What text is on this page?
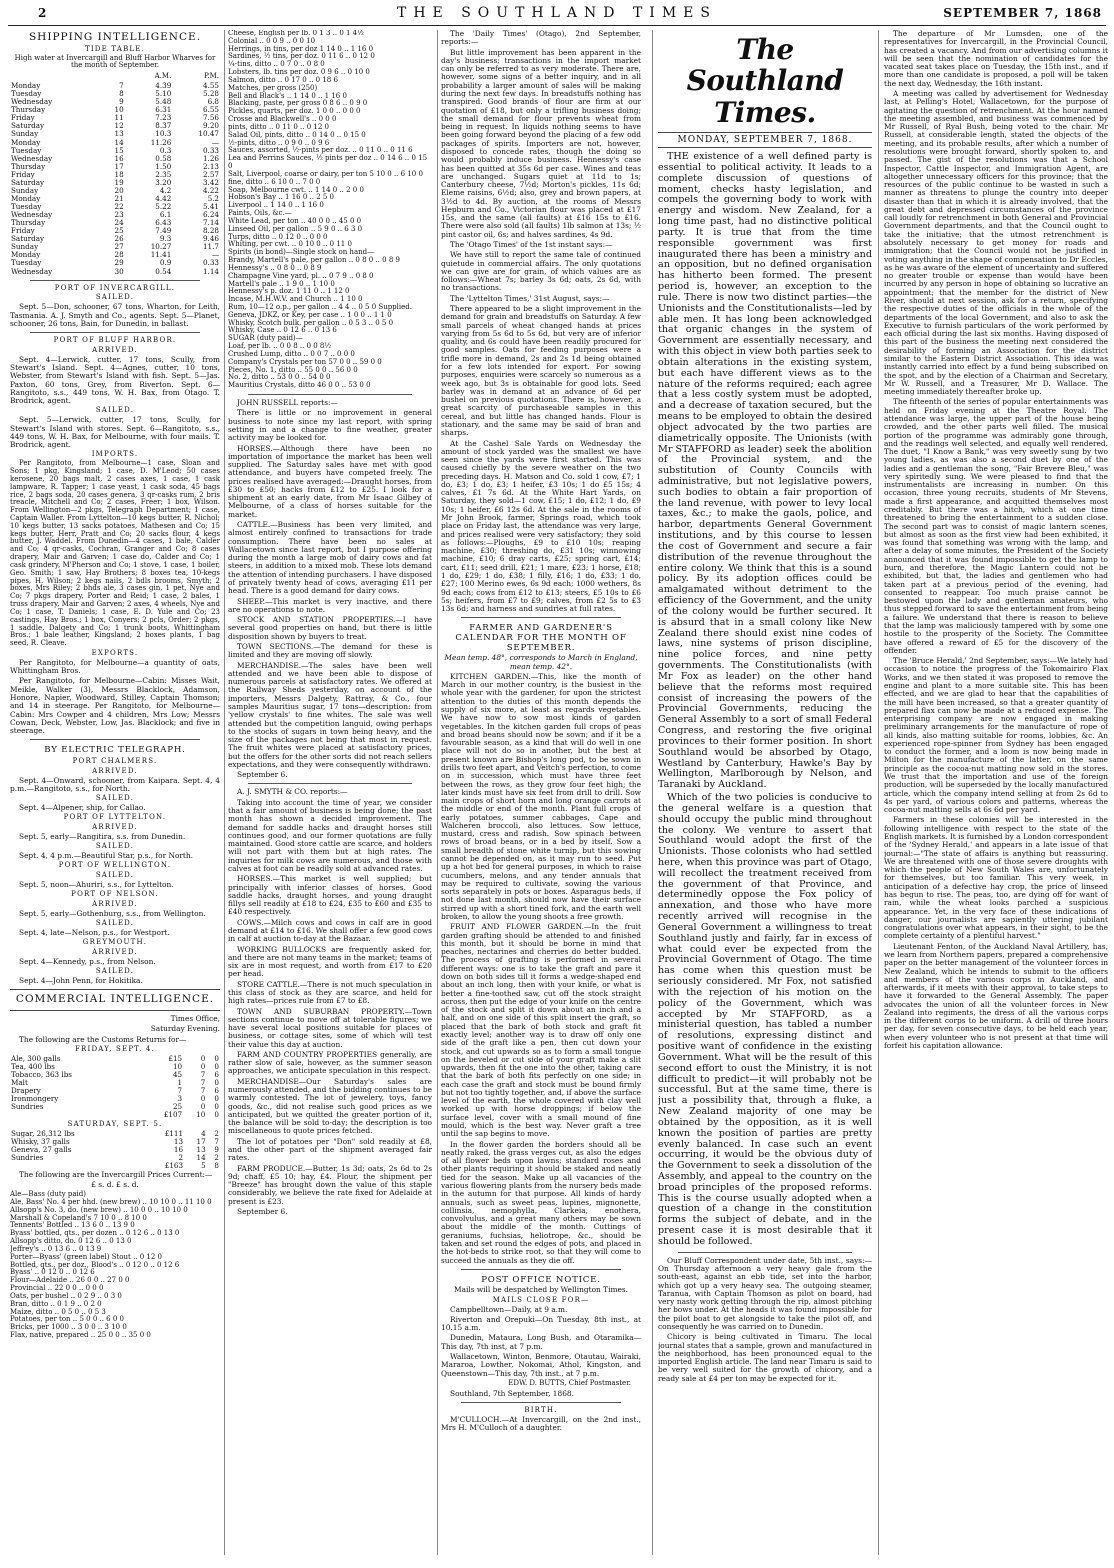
2	THE SOUTHLAND TIMES	SEPTEMBER 7, 1868
SHIPPING INTELLIGENCE.
TIDE TABLE.

High water at Invercargill and Bluff Harbor Wharves for the month of September.

		A.M.	P.M.
Monday	7	4.39	4.55
Tuesday	8	5.10	5.28
Wednesday	9	5.48	6.8
Thursday	10	6.31	6.55
Friday	11	7.23	7.56
Saturday	12	8.37	9.20
Sunday	13	10.3	10.47
Monday	14	11.26	—
Tuesday	15	0.3	0.33
Wednesday	16	0.58	1.26
Thursday	17	1.50	2.13
Friday	18	2.35	2.57
Saturday	19	3.20	3.42
Sunday	20	4.2	4.22
Monday	21	4.42	5.2
Tuesday	22	5.22	5.41
Wednesday	23	6.1	6.24
Thursday	24	6.43	7.14
Friday	25	7.49	8.28
Saturday	26	9.3	9.46
Sunday	27	10.27	11.7
Monday	28	11.41	—
Tuesday	29	0.9	0.33
Wednesday	30	0.54	1.14
PORT OF INVERCARGILL.
SAILED.

Sept. 5—Don, schooner, 67 tons, Wharton, for Leith, Tasmania. A. J. Smyth and Co., agents. Sept. 5—Planet, schooner, 26 tons, Bain, for Dunedin, in ballast.

PORT OF BLUFF HARBOR.
ARRIVED.

Sept. 4—Lerwick, cutter, 17 tons, Scully, from Stewart's Island. Sept. 4—Agnes, cutter, 10 tons, Webster, from Stewart's Island with fish. Sept. 5—Jas. Paxton, 60 tons, Grey, from Riverton. Sept. 6—Rangitoto, s.s., 449 tons, W. H. Bax, from Otago. T. Brodrick, agent.

SAILED.

Sept. 5—Lerwick, cutter, 17 tons, Scully, for Stewart's Island with stores. Sept. 6—Rangitoto, s.s., 449 tons, W. H. Bax, for Melbourne, with four mails. T. Brodrick, agent.

IMPORTS.

Per Rangitoto, from Melbourne—1 case, Sloan and Sons; 1 pkg, Kingsland; 1 case, D. M'Leod; 50 cases kerosene, 20 bags malt, 2 cases axes, 1 case, 1 cask lampware, R. Tapper; 1 case yeast, 1 cask soda, 45 bags rice, 2 bags soda, 20 cases genera, 3 qr-casks rum, 2 bris treacle, Mitchell and Co; 2 cases, Freer; 1 box, Wilson. From Wellington—2 pkgs, Telegraph Department; 1 case, Captain Waller. From Lyttelton—10 kegs butter, R. Nichol; 10 kegs butter, 13 sacks potatoes, Mathesen and Co; 15 kegs butter, Herr, Pratt and Co; 20 sacks flour, 4 kegs butter, J. Waddel. From Dunedin—4 cases, 1 bale, Calder and Co; 4 qr-casks, Cochran, Granger and Co; 8 cases drapery, Mair and Garven; 1 case do, Calder and Co; 1 cask grindery, M'Pherson and Co; 1 stove, 1 case, 1 boiler, Geo. Smith; 1 saw, Hay Brothers; 8 boxes tea, 10-kegs pipes, H. Wilson; 2 kegs nails, 2 bdls brooms, Smyth; 2 boxes, Mrs Riley; 2 bhds ale, 3 cases gin, 1 pet, Nye and Co; 7 pkgs drapery, Porter and Reid; 1 case, 2 bales, 1 truss drapery, Mair and Garven; 2 axes, 4 wheels, Nye and Co; 1 case, T. Daniels; 1 case, E. D. Yule and Co; 23 castings, Hay Bros.; 1 box, Conyers; 2 pcls, Order; 2 pkgs, 1 saddle, Dalgety and Co; 1 trunk boots, Whittingham Bros.; 1 bale leather, Kingsland; 2 boxes plants, 1 bag seed, R. Cleave.

EXPORTS.

Per Rangitoto, for Melbourne—a quantity of oats, Whittingham Bros.

Per Rangitoto, for Melbourne—Cabin: Misses Wait, Meikle, Walker (3), Messrs Blacklock, Adamson, Honore, Napier, Woodward, Stilley, Captain Thomson; and 14 in steerage. Per Rangitoto, for Melbourne—Cabin: Mrs Cowper and 4 children, Mrs Low; Messrs Cowan, Deck, Webster, Low, Jas. Blacklock; and five in steerage.

BY ELECTRIC TELEGRAPH.
PORT CHALMERS.
ARRIVED.

Sept. 4—Onward, schooner, from Kaipara. Sept. 4, 4 p.m.—Rangitoto, s.s., for North.

SAILED.

Sept. 4—Alpener, ship, for Callao.

PORT OF LYTTELTON.
ARRIVED.

Sept. 5, early—Rangitira, s.s. from Dunedin.

SAILED.

Sept. 4, 4 p.m.—Beautiful Star, p.s., for North.

PORT OF WELLINGTON.
SAILED.

Sept. 5, noon—Ahuriri, s.s., for Lyttelton.

PORT OF NELSON.
ARRIVED.

Sept. 5, early—Gothenburg, s.s., from Wellington.

SAILED.

Sept. 4, late—Nelson, p.s., for Westport.

GREYMOUTH.
ARRIVED.

Sept. 4—Kennedy, p.s., from Nelson.

SAILED.

Sept. 4—John Penn, for Hokitika.

COMMERCIAL INTELLIGENCE.

Times Office,

Saturday Evening.

The following are the Customs Returns for—

FRIDAY, SEPT. 4.
Ale, 300 galls	£15	0	0
Tea, 400 lbs	10	0	0
Tobacco, 363 lbs	45	7	6
Malt	1	7	0
Drapery	7	7	6
Ironmongery	3	0	0
Sundries	25	0	0
	£107	10	0
SATURDAY, SEPT. 5.
Sugar, 26,312 lbs	£111	4	2
Whisky, 37 galls	13	17	7
Geneva, 27 galls	16	13	9
Sundries	2	14	2
	£163	5	8

The following are the Invercargill Prices Current:—

£ s. d. £ s. d.

Ale—Bass (duty paid)
Ale, Bass' No. 4 per hhd. (new brew) .. 10 10 0 .. 11 10 0
Allsopp's No. 3, do. (new brew) .. 10 0 0 .. 10 10 0
Marshall & Copeland's 7 10 0 .. 8 10 0
Tennents' Bottled .. 13 6 0 .. 13 9 0
Byass' bottled, qts., per dozen .. 0 12 6 .. 0 13 0
Allsopp's ditto, do. 0 12 6 .. 0 13 0
Jeffrey's .. 0 13 6 .. 0 13 9
Porter—Byass' (green label) Stout .. 0 12 0
Bottled, qts., per doz., Blood's .. 0 12 0 .. 0 12 6
Byass' .. 0 12 0 .. 0 12 6
Flour—Adelaide .. 26 0 0 .. 27 0 0
Provincial .. 22 0 0 .. 0 0 0
Oats, per bushel .. 0 2 9 .. 0 3 0
Bran, ditto .. 0 1 9 .. 0 2 0
Maize, ditto .. 0 5 0 .. 0 5 3
Potatoes, per ton .. 5 0 0 .. 6 0 0
Bricks, per 1000 .. 3 0 0 .. 3 10 0
Flax, native, prepared .. 25 0 0 .. 35 0 0
Cheese, English per lb. 0 1 3 .. 0 1 4½
Colonial .. 0 0 9 .. 0 0 10
Herrings, in tins, per doz 1 14 0 .. 1 16 0
Sardines, ½ tins, per doz. 0 11 6 .. 0 12 0
¼-tins, ditto .. 0 7 0 .. 0 8 0
Lobsters, lb. tins per doz. 0 9 6 .. 0 10 0
Salmon, ditto .. 0 17 0 .. 0 18 6
Matches, per gross (250)
Bell and Black's .. 1 14 0 .. 1 16 0
Blacking, paste, per gross 0 8 6 .. 0 9 0
Pickles, quarts, per doz. 1 0 0 .. 0 0 0
Crosse and Blackwell's .. 0 0 0
pints, ditto .. 0 11 0 .. 0 12 0
Salad Oil, pints, ditto .. 0 14 0 .. 0 15 0
½-pints, ditto .. 0 9 0 .. 0 9 6
Sauces, assorted, ½-pints per doz. .. 0 11 0 .. 0 11 6
Lea and Perrins Sauces, ½ pints per doz .. 0 14 6 .. 0 15 0
Salt, Liverpool, coarse or dairy, per ton 5 10 0 .. 6 10 0
fine, ditto .. 6 10 0 .. 7 0 0
Soap, Melbourne cwt. .. 1 14 0 .. 2 0 0
Hobson's Bay .. 1 16 0 .. 2 5 0
Liverpool .. 1 14 0 .. 1 16 0
Paints, Oils, &c.—
White Lead, per ton .. 40 0 0 .. 45 0 0
Linseed Oil, per gallon .. 5 9 0 .. 6 3 0
Turps, ditto .. 0 12 0 .. 0 0 0
Whiting, per cwt. .. 0 10 0 .. 0 11 0
Spirits (in bond)—Single stock on hand—
Brandy, Martell's pale, per gallon .. 0 8 0 .. 0 8 9
Hennessy's .. 0 8 0 .. 0 8 9
Champagne Vine yard, pl. .. 0 7 9 .. 0 8 0
Martell's pale .. 1 9 0 .. 1 10 0
Hennessy's p. doz. 1 11 0 .. 1 12 0
Incase, M.H.W.V. and Church .. 1 10 0
Rum, 10—12 o.p., per gallon .. 4 4 .. 0 5 0 Supplied.
Geneva, JDKZ, or Key, per case .. 1 0 0 .. 1 1 0
Whisky, Scotch bulk, per gallon .. 0 5 3 .. 0 5 0
Whisky, Case .. 0 12 6 .. 0 13 6
SUGAR (duty paid)—
Loaf, per lb. .. 0 0 8 .. 0 0 8½
Crushed Lump, ditto .. 0 0 7 .. 0 0 0
Company's Crystals per ton 57 0 0 .. 59 0 0
Pieces, No. 1, ditto .. 55 0 0 .. 56 0 0
No. 2, ditto .. 53 0 0 .. 54 0 0
Mauritius Crystals, ditto 46 0 0 .. 53 0 0

JOHN RUSSELL reports:—

There is little or no improvement in general business to note since my last report, with spring setting in and a change to fine weather, greater activity may be looked for.

HORSES.—Although there have been no importation of importance the market has been well supplied. The Saturday sales have met with good attendance, and buyers have competed freely. The prices realised have averaged:—Draught horses, from £30 to £50; hacks from £12 to £25. I look for a shipment at an early date, from Mr Isaac Gilbey of Melbourne, of a class of horses suitable for the market.

CATTLE.—Business has been very limited, and almost entirely confined to transactions for trade consumption. There have been no sales at Wallacetown since last report, but I purpose offering during the month a large mob of dairy cows and fat steers, in addition to a mixed mob. These lots demand the attention of intending purchasers. I have disposed of privately twenty head of cows, averaging £11 per head. There is a good demand for dairy cows.

SHEEP.—This market is very inactive, and there are no operations to note.

STOCK AND STATION PROPERTIES.—I have several good properties on hand, but there is little disposition shown by buyers to treat.

TOWN SECTIONS.—The demand for these is limited and they are moving off slowly.

MERCHANDISE.—The sales have been well attended and we have been able to dispose of numerous parcels at satisfactory rates. We offered at the Railway Sheds yesterday, on account of the importers, Messrs Dalgety, Rattray, & Co., four samples Mauritius sugar, 17 tons—description: from 'yellow crystals' to fine whites. The sale was well attended but the competition languid, owing perhaps to the stocks of sugars in town being heavy, and the size of the packages not being that most in request. The fruit whites were placed at satisfactory prices, but the offers for the other sorts did not reach sellers expectations, and they were consequently withdrawn.

September 6.

A. J. SMYTH & CO. reports:—

Taking into account the time of year, we consider that a fair amount of business is being done; the past month has shown a decided improvement. The demand for saddle hacks and draught horses still continues good, and our former quotations are fully maintained. Good store cattle are scarce, and holders will not part with them but at high rates. The inquiries for milk cows are numerous, and those with calves at foot can be readily sold at advanced rates.

HORSES.—This market is well supplied; but principally with inferior classes of horses. Good saddle hacks, draught horses, and young draught fillys sell readily at £18 to £24, £35 to £60 and £35 to £40 respectively.

COWS.—Milch cows and cows in calf are in good demand at £14 to £16. We shall offer a few good cows in calf at auction to-day at the Bazaar.

WORKING BULLOCKS are frequently asked for, and there are not many teams in the market; teams of six are in most request, and worth from £17 to £20 per head.

STORE CATTLE.—There is not much speculation in this class of stock as they are scarce, and held for high rates—prices rule from £7 to £8.

TOWN AND SUBURBAN PROPERTY.—Town sections continue to move off at tolerable figures; we have several local positions suitable for places of business, or cottage sites, some of which will test their value this day at auction.

FARM AND COUNTRY PROPERTIES generally, are rather slow of sale, however, as the summer season approaches, we anticipate speculation in this respect.

MERCHANDISE—Our Saturday's sales are numerously attended, and the bidding continues to be warmly contested. The lot of jewelery, toys, fancy goods, &c., did not realise such good prices as we anticipated, but we quitted the greater portion of it, the balance will be sold to-day; the description is too miscellaneous to quote prices fetched.

The lot of potatoes per "Don" sold readily at £8, and the other part of the shipment averaged fair rates.

FARM PRODUCE.—Butter, 1s 3d; oats, 2s 6d to 2s 9d; chaff, £5 10; hay, £4. Flour, the shipment per "Breeze" has brought down the value of this staple considerably, we believe the rate fixed for Adelaide at present is £23.

September 6.

The 'Daily Times' (Otago), 2nd September, reports:—

But little improvement has been apparent in the day's business; transactions in the import market can only be referred to as very moderate. There are, however, some signs of a better inquiry, and in all probability a larger amount of sales will be making during the next few days. In breadstuffs nothing has transpired. Good brands of flour are firm at our quotation of £18, but only a trifling business doing; the small demand for flour prevents wheat from being in request. In liquids nothing seems to have been going forward beyond the placing of a few odd packages of spirits. Importers are not, however, disposed to concede rates, though the doing so would probably induce business. Hennessy's case has been quitted at 35s 6d per case. Wines and teas are unchanged. Sugars quiet at 11d to 1s; Canterbury cheese, 7½d; Morton's pickles, 11s 6d; Eleme raisins, 6½d; also, grey and brown papers, at 3½d to 4d. By auction, at the rooms of Messrs Hepburn and Co., Victorian flour was placed at £17 15s, and the same (all faults) at £16 15s to £16. There were also sold (all faults) 1lb salmon at 13s; ½ pint castor oil, 6s; and halves sardines, 4s 9d.

The 'Otago Times' of the 1st instant says:—

We have still to report the same tale of continued quietude in commercial affairs. The only quotations we can give are for grain, of which values are as follows:—Wheat 7s; barley 3s 6d; oats, 2s 6d, with no transactions.

The 'Lyttelton Times,' 31st August, says:—

There appeared to be a slight improvement in the demand for grain and breadstuffs on Saturday. A few small parcels of wheat changed hands at prices varying from 5s 6d to 5s 6d, but very are of inferior quality, and 6s could have been readily procured for good samples. Oats for feeding purposes were a trifle more in demand, 2s and 2s 1d being obtained for a few lots intended for export. For sowing purposes, enquiries were scarcely so numerous as a week ago, but 3s is obtainable for good lots. Seed barley was in demand at an advance of 6d per bushel on previous quotations. There is, however, a great scarcity of purchaseable samples in this cereal, and but little has changed hands. Flour is stationary, and the same may be said of bran and sharps.

At the Cashel Sale Yards on Wednesday the amount of stock yarded was the smallest we have seen since the yards were first started. This was caused chiefly by the severe weather on the two preceding days. H. Matson and Co. sold 1 cow, £7; 1 do, £3; 1 do, £3; 1 heifer, £3 10s; 1 do £5 15s; 4 calves, £1 7s 6d. At the White Hart Yards, on Saturday, they sold—1 cow, £15; 1 do, £12; 1 do, £9 10s; 1 heifer, £6 12s 6d. At the sale in the rooms of Mr John Brook, farmer, Springs road, which took place on Friday last, the attendance was very large, and prices realised were very satisfactory; they sold as follows:—Ploughs, £9 to £10 10s; reaping machine, £30; threshing do, £31 10s; winnowing machine, £10; 6 dray carts, £25; spring cart, £14; cart, £11; seed drill, £21; 1 mare, £23; 1 horse, £18; 1 do, £29; 1 do, £38; 1 filly, £16; 1 do, £33; 1 do, £27; 100 Merino ewes, 6s 9d each; 1000 wethers, 8s 9d each; cows from £12 to £13; steers, £5 10s to £6 5s; heifers, from £7 to £9; calves, from £2 5s to £3 13s 6d; and harness and sundries at full rates.

FARMER AND GARDENER'S CALENDAR FOR THE MONTH OF SEPTEMBER.

Mean temp. 48°, corresponds to March in England, mean temp. 42°.

KITCHEN GARDEN.—This, like the month of March in our mother country, is the busiest in the whole year with the gardener, for upon the strictest attention to the duties of this month depends the supply of six more, at least as regards vegetables. We have now to sow most kinds of garden vegetables. In the kitchen garden full crops of peas and broad beans should now be sown; and if it be a favourable season, as a kind that will do well in one place will not do so in another, but the best at present known are Bishop's long pod, to be sown in drills two feet apart, and Veitch's perfection, to come on in succession, which must have three feet between the rows, as they grow four feet high; the later kinds must have six feet from drill to drill. Sow main crops of short horn and long orange carrots at the middle or end of the month. Plant full crops of early potatoes, summer cabbages, Cape and Walcheren broccoli, also lettuces. Sow lettuce, mustard, cress and radish. Sow spinach between rows of broad beans, or in a bed by itself. Sow a small breadth of stone white turnip, but this sowing cannot be depended on, as it may run to seed. Put up a hot bed for general purposes, in which to raise cucumbers, melons, and any tender annuals that may be required to cultivate, sowing the various sorts separately in pots or boxes. Asparagus beds, if not done last month, should now have their surface stirred up with a short tined fork, and the earth well broken, to allow the young shoots a free growth.

FRUIT AND FLOWER GARDEN.—In the fruit garden grafting should be attended to and finished this month, but it should be borne in mind that peaches, nectarines and cherries do better budded. The process of grafting is performed in several different ways: one is to take the graft and pare it down on both sides till it forms a wedge-shaped end about an inch long, then with your knife, or what is better a fine-toothed saw, cut off the stock straight across, then put the edge of your knife on the centre of the stock and split it down about an inch and a half, and on one side of this split insert the graft, so placed that the bark of both stock and graft fit exactly level; another way is to draw off only one side of the graft like a pen, then cut down your stock, and cut upwards so as to form a small tongue on the beveled or cut side of your graft make a slit upwards, then fit the one into the other, taking care that the bark of both fits perfectly on one side; in each case the graft and stock must be bound firmly but not too tightly together, and, if above the surface level of the earth, the whole covered with clay well worked up with horse droppings; if below the surface level, cover with a small mound of fine mould, which is the best way. Never graft a tree until the sap begins to move.

In the flower garden the borders should all be neatly raked, the grass verges cut, as also the edges of all flower beds upon lawns; standard roses and other plants requiring it should be staked and neatly tied for the season. Make up all vacancies of the various flowering plants from the nursery beds made in the autumn for that purpose. All kinds of hardy annuals, such as sweet peas, lupines, mignonette, collinsia, nemophylla, Clarkeia, enothera, convolvulus, and a great many others may be sown about the middle of the month. Cuttings of geraniums, fuchsias, heliotrope, &c., should be taken and set round the edges of pots, and placed in the hot-beds to strike root, so that they will come to succeed the annuals as they die off.

POST OFFICE NOTICE.

Mails will be despatched by Wellington Times.

MAILS CLOSE FOR—

Campbelltown—Daily, at 9 a.m.

Riverton and Orepuki—On Tuesday, 8th inst., at 10.15 a.m.

Dunedin, Mataura, Long Bush, and Otaramika—This day, 7th inst, at 7 p.m.

Wallacetown, Winton, Benmore, Otautau, Wairaki, Mararoa, Lowther, Nokomai, Athol, Kingston, and Queenstown—This day, 7th inst., at 7 p.m.

EDW. D. BUTTS, Chief Postmaster.

Southland, 7th September, 1868.

BIRTH.

M'CULLOCH.—At Invercargill, on the 2nd inst., Mrs H. M'Culloch of a daughter.

The Southland Times.
MONDAY, SEPTEMBER 7, 1868.

THE existence of a well defined party is essential to political activity. It leads to a complete discussion of questions of moment, checks hasty legislation, and compels the governing body to work with energy and wisdom. New Zealand, for a long time past, had no distinctive political party. It is true that from the time responsible government was first inaugurated there has been a ministry and an opposition, but no defined organisation has hitherto been formed. The present period is, however, an exception to the rule. There is now two distinct parties—the Unionists and the Constitutionalists—led by able men. It has long been acknowledged that organic changes in the system of Government are essentially necessary, and with this object in view both parties seek to obtain alterations in the existing system, but each have different views as to the nature of the reforms required; each agree that a less costly system must be adopted, and a decrease of taxation secured, but the means to be employed to obtain the desired object advocated by the two parties are diametrically opposite. The Unionists (with Mr STAFFORD as leader) seek the abolition of the Provincial system, and the substitution of County Councils with administrative, but not legislative powers, such bodies to obtain a fair proportion of the land revenue, with power to levy local taxes, &c.; to make the gaols, police, and harbor, departments General Government institutions, and by this course to lessen the cost of Government and secure a fair distribution of the revenue throughout the entire colony. We think that this is a sound policy. By its adoption offices could be amalgamated without detriment to the efficiency of the Government, and the unity of the colony would be further secured. It is absurd that in a small colony like New Zealand there should exist nine codes of laws, nine systems of prison discipline, nine police forces, and nine petty governments. The Constitutionalists (with Mr Fox as leader) on the other hand believe that the reforms most required consist of increasing the powers of the Provincial Governments, reducing the General Assembly to a sort of small Federal Congress, and restoring the five original provinces to their former position. In short Southland would be absorbed by Otago, Westland by Canterbury, Hawke's Bay by Wellington, Marlborough by Nelson, and Taranaki by Auckland.

Which of the two policies is conducive to the general welfare is a question that should occupy the public mind throughout the colony. We venture to assert that Southland would adopt the first of the Unionists. Those colonists who had settled here, when this province was part of Otago, will recollect the treatment received from the government of that Province, and determinedly oppose the Fox policy of annexation, and those who have more recently arrived will recognise in the General Government a willingness to treat Southland justly and fairly, far in excess of what could ever be expected from the Provincial Government of Otago. The time has come when this question must be seriously considered. Mr Fox, not satisfied with the rejection of his motion on the policy of the Government, which was accepted by Mr STAFFORD, as a ministerial question, has tabled a number of resolutions, expressing distinct and positive want of confidence in the existing Government. What will be the result of this second effort to oust the Ministry, it is not difficult to predict—it will probably not be successful. But at the same time, there is just a possibility that, through a fluke, a New Zealand majority of one may be obtained by the opposition, as it is well known the position of parties are pretty evenly balanced. In case such an event occurring, it would be the obvious duty of the Government to seek a dissolution of the Assembly, and appeal to the country on the broad principles of the proposed reforms. This is the course usually adopted when a question of a change in the constitution forms the subject of debate, and in the present case it is most desirable that it should be followed.

Our Bluff Correspondent under date, 5th inst., says:—On Thursday afternoon a very heavy gale from the south-east, against an ebb tide, set into the harbor, which got up a very heavy sea. The outgoing steamer, Taranua, with Captain Thomson as pilot on board, had very nasty work getting through the rip, almost pitching her bows under. At the heads it was found impossible for the pilot boat to get alongside to take the pilot off, and consequently he was carried on to Dunedin.

Chicory is being cultivated in Timaru. The local journal states that a sample, grown and manufactured in the neighborhood, has been pronounced equal to the imported English article. The land near Timaru is said to be very well suited for the growth of chicory, and a ready sale at £4 per ton may be expected for it.

The departure of Mr Lumsden, one of the representatives for Invercargill, in the Provincial Council, has created a vacancy. And from our advertising columns it will be seen that the nomination of candidates for the vacated seat takes place on Tuesday, the 15th inst., and if more than one candidate is proposed, a poll will be taken the next day, Wednesday, the 16th instant.

A meeting was called by advertisement for Wednesday last, at Pelling's Hotel, Wallacetown, for the purpose of agitating the question of retrenchment. At the hour named the meeting assembled, and business was commenced by Mr Russell, of Ryal Bush, being voted to the chair. Mr Russell, at considerable length, stated the objects of the meeting, and its probable results, after which a number of resolutions were brought forward, shortly spoken to, and passed. The gist of the resolutions was that a School Inspector, Cattle Inspector, and Immigration Agent, are altogether unnecessary officers for this province; that the resources of the public continue to be wasted in such a manner as threatens to plunge the country into deeper disaster than that in which it is already involved, that the great debt and depressed circumstances of the province call loudly for retrenchment in both General and Provincial Government departments, and that the Council ought to take the initiative; that the utmost retrenchment is absolutely necessary to get money for roads and immigration; that the Council would not be justified in voting anything in the shape of compensation to Dr Eccles, as he was aware of the element of uncertainty and suffered no greater trouble or expense than would have been incurred by any person in hope of obtaining so lucrative an appointment; that the member for the district of New River, should at next session, ask for a return, specifying the respective duties of the officials in the whole of the departments of the local Government, and also to ask the Executive to furnish particulars of the work performed by each official during the last six months. Having disposed of this part of the business the meeting next considered the desirability of forming an Association for the district similar to the Eastern District Association. This idea was instantly carried into effect by a fund being subscribed on the spot, and by the election of a Chairman and Secretary, Mr W. Russell, and a Treasurer, Mr D. Wallace. The meeting immediately thereafter broke up.

The fifteenth of the series of popular entertainments was held on Friday evening at the Theatre Royal. The attendance was large, the upper part of the house being crowded, and the other parts well filled. The musical portion of the programme was admirably gone through, and the readings well selected, and equally well rendered. The duet, "I Know a Bank," was very sweetly sung by two young ladies, as was also a second duet by one of the ladies and a gentleman the song, "Fair Brevere Bleu," was very spiritedly sung. We were pleased to find that the instrumentalists are increasing in number. On this occasion, three young recruits, students of Mr Stevens, made a first appearance, and acquitted themselves most creditably. But there was a hitch, which at one time threatened to bring the entertainment to a sudden close. The second part was to consist of magic lantern scenes, but almost as soon as the first view had been exhibited, it was found that something was wrong with the lamp, and after a delay of some minutes, the President of the Society announced that it was found impossible to get the lamp to burn, and therefore, the Magic Lantern could not be exhibited, but that, the ladies and gentlemen who had taken part at a previous period of the evening, had consented to reappear. Too much praise cannot be bestowed upon the lady and gentleman amateurs, who thus stepped forward to save the entertainment from being a failure. We understand that there is reason to believe that the lamp was maliciously tampered with by some one hostile to the prosperity of the Society. The Committee have offered a reward of £5 for the discovery of the offender.

The 'Bruce Herald,' 2nd September, says:—We lately had occasion to notice the progress of the Tokomairiro Flax Works, and we then stated it was proposed to remove the engine and plant to a more suitable site. This has been effected, and we are glad to hear that the capabilities of the mill have been increased, so that a greater quantity of prepared flax can now be made at a reduced expense. The enterprising company are now engaged in making preliminary arrangements for the manufacture of rope of all kinds, also matting suitable for rooms, lobbies, &c. An experienced rope-spinner from Sydney has been engaged to conduct the former, and a loom is now being made in Milton for the manufacture of the latter, on the same principle as the cocoa-nut matting now sold in the stores. We trust that the importation and use of the foreign production, will be superseded by the locally manufactured article, which the company intend selling at from 2s 6d to 4s per yard, of various colors and patterns, whereas the cocoa-nut matting sells at 6s 6d per yard.

Farmers in these colonies will be interested in the following intelligence with respect to the state of the English markets. It is furnished by a London correspondent of the 'Sydney Herald,' and appears in a late issue of that journal:—"The state of affairs is anything but reassuring. We are threatened with one of those severe droughts with which the people of New South Wales are, unfortunately for themselves, but too familiar. This very week, in anticipation of a defective hay crop, the price of linseed has begun to rise. The peas, too, are dying off for want of rain, while the wheat looks parched a suspicious appearance. Yet, in the very face of these indications of danger, our journalists are sapiently uttering jubilant congratulations over what appears, in their sight, to be the complete certainty of a plentiful harvest."

Lieutenant Fenton, of the Auckland Naval Artillery, has, we learn from Northern papers, prepared a comprehensive paper on the better management of the volunteer forces in New Zealand, which he intends to submit to the officers and members of the various corps in Auckland, and afterwards, if it meets with their approval, to take steps to have it forwarded to the General Assembly. The paper advocates the union of all the volunteer forces in New Zealand into regiments, the dress of all the various corps in the different corps to be uniform. A drill of three hours per day, for seven consecutive days, to be held each year, when every volunteer who is not present at that time will forfeit his capitation allowance.
